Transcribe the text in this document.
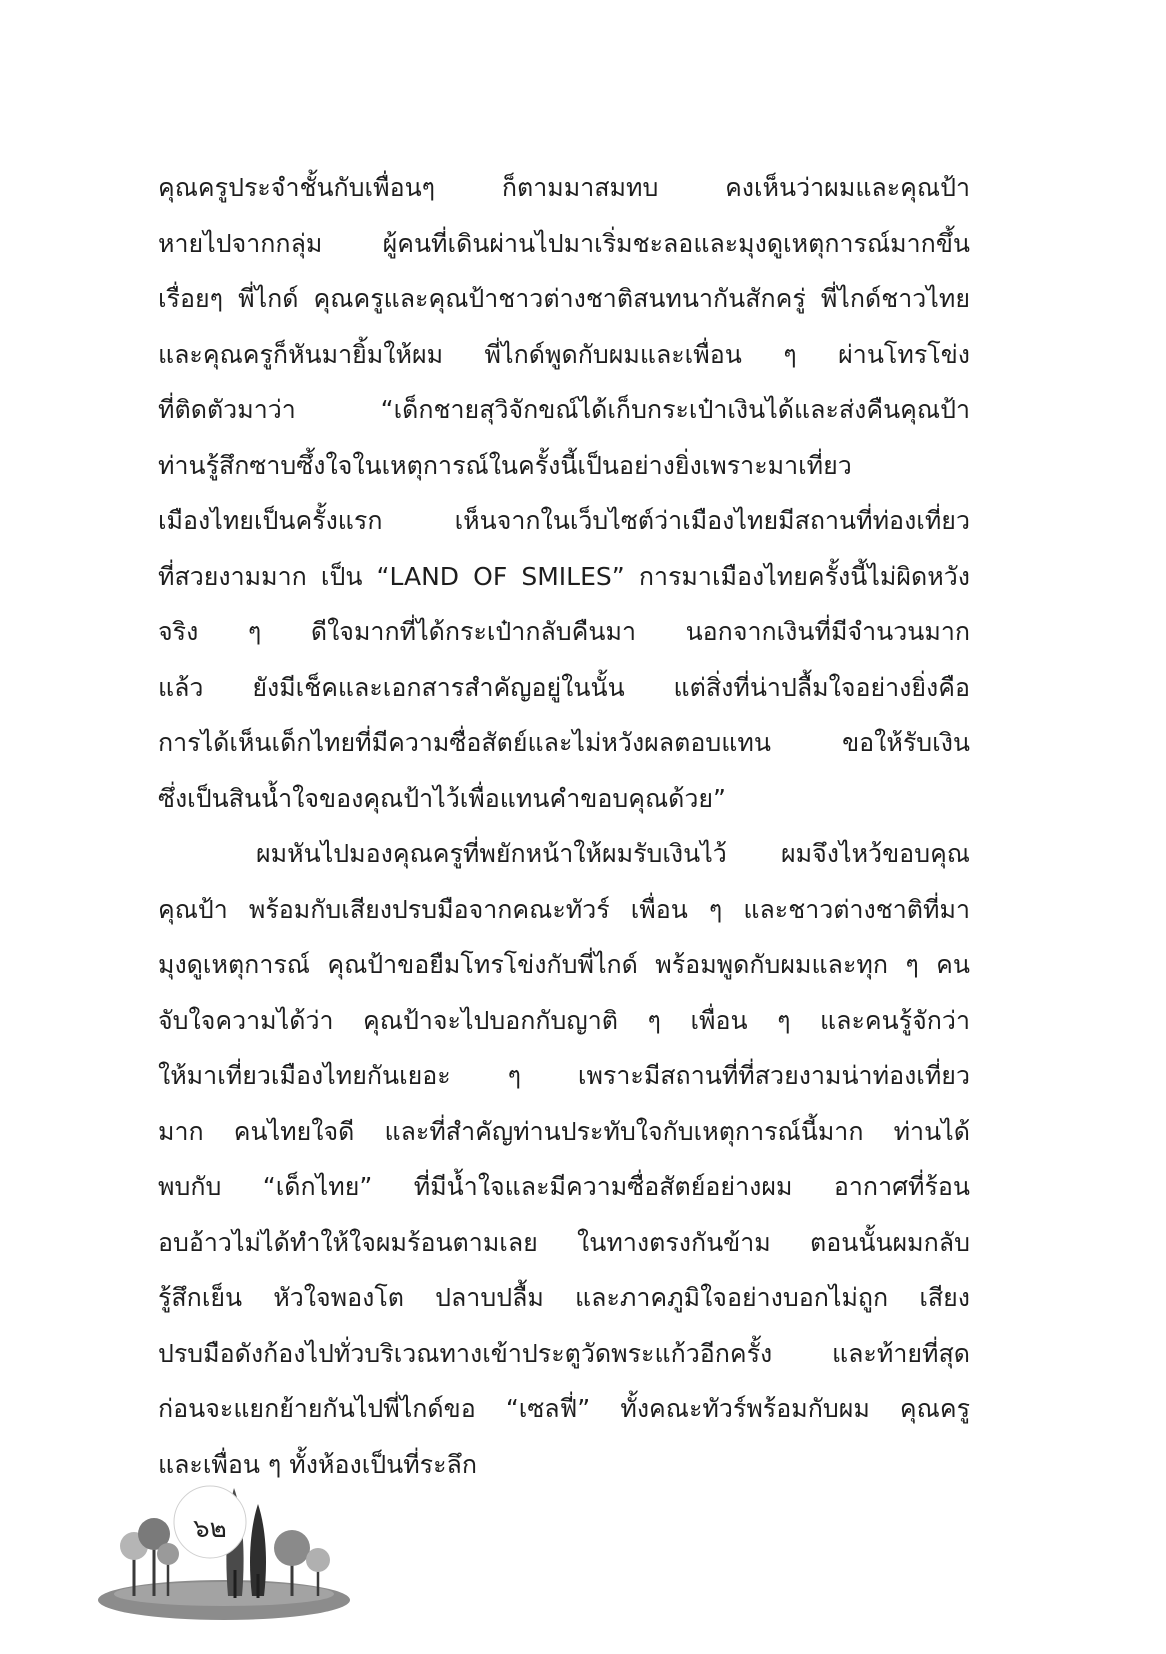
คุณครูประจำชั้นกับเพื่อนๆ ก็ตามมาสมทบ คงเห็นว่าผมและคุณป้า
หายไปจากกลุ่ม ผู้คนที่เดินผ่านไปมาเริ่มชะลอและมุงดูเหตุการณ์มากขึ้น
เรื่อยๆ พี่ไกด์ คุณครูและคุณป้าชาวต่างชาติสนทนากันสักครู่ พี่ไกด์ชาวไทย
และคุณครูก็หันมายิ้มให้ผม พี่ไกด์พูดกับผมและเพื่อน ๆ ผ่านโทรโข่ง
ที่ติดตัวมาว่า “เด็กชายสุวิจักขณ์ได้เก็บกระเป๋าเงินได้และส่งคืนคุณป้า
ท่านรู้สึกซาบซึ้งใจในเหตุการณ์ในครั้งนี้เป็นอย่างยิ่งเพราะมาเที่ยว
เมืองไทยเป็นครั้งแรก เห็นจากในเว็บไซต์ว่าเมืองไทยมีสถานที่ท่องเที่ยว
ที่สวยงามมาก เป็น “LAND OF SMILES” การมาเมืองไทยครั้งนี้ไม่ผิดหวัง
จริง ๆ ดีใจมากที่ได้กระเป๋ากลับคืนมา นอกจากเงินที่มีจำนวนมาก
แล้ว ยังมีเช็คและเอกสารสำคัญอยู่ในนั้น แต่สิ่งที่น่าปลื้มใจอย่างยิ่งคือ
การได้เห็นเด็กไทยที่มีความซื่อสัตย์และไม่หวังผลตอบแทน ขอให้รับเงิน
ซึ่งเป็นสินน้ำใจของคุณป้าไว้เพื่อแทนคำขอบคุณด้วย”

ผมหันไปมองคุณครูที่พยักหน้าให้ผมรับเงินไว้ ผมจึงไหว้ขอบคุณ
คุณป้า พร้อมกับเสียงปรบมือจากคณะทัวร์ เพื่อน ๆ และชาวต่างชาติที่มา
มุงดูเหตุการณ์ คุณป้าขอยืมโทรโข่งกับพี่ไกด์ พร้อมพูดกับผมและทุก ๆ คน
จับใจความได้ว่า คุณป้าจะไปบอกกับญาติ ๆ เพื่อน ๆ และคนรู้จักว่า
ให้มาเที่ยวเมืองไทยกันเยอะ ๆ เพราะมีสถานที่ที่สวยงามน่าท่องเที่ยว
มาก คนไทยใจดี และที่สำคัญท่านประทับใจกับเหตุการณ์นี้มาก ท่านได้
พบกับ “เด็กไทย” ที่มีน้ำใจและมีความซื่อสัตย์อย่างผม อากาศที่ร้อน
อบอ้าวไม่ได้ทำให้ใจผมร้อนตามเลย ในทางตรงกันข้าม ตอนนั้นผมกลับ
รู้สึกเย็น หัวใจพองโต ปลาบปลื้ม และภาคภูมิใจอย่างบอกไม่ถูก เสียง
ปรบมือดังก้องไปทั่วบริเวณทางเข้าประตูวัดพระแก้วอีกครั้ง และท้ายที่สุด
ก่อนจะแยกย้ายกันไปพี่ไกด์ขอ “เซลฟี่” ทั้งคณะทัวร์พร้อมกับผม คุณครู
และเพื่อน ๆ ทั้งห้องเป็นที่ระลึก

๖๒
